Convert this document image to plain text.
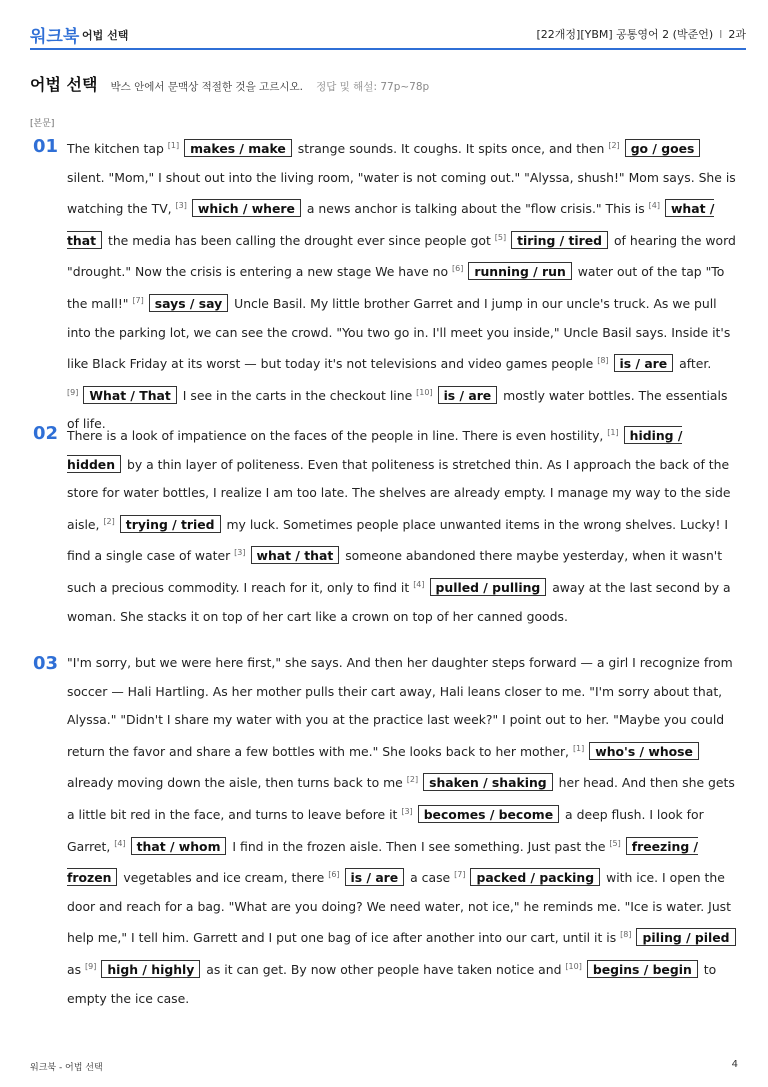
워크북 어법 선택	[22개정][YBM] 공통영어 2 (박준언) I 2과
어법 선택 박스 안에서 문맥상 적절한 것을 고르시오. 정답 및 해설: 77p~78p
[본문]
01 The kitchen tap [1] makes / make strange sounds. It coughs. It spits once, and then [2] go / goes silent. "Mom," I shout out into the living room, "water is not coming out." "Alyssa, shush!" Mom says. She is watching the TV, [3] which / where a news anchor is talking about the "flow crisis." This is [4] what / that the media has been calling the drought ever since people got [5] tiring / tired of hearing the word "drought." Now the crisis is entering a new stage We have no [6] running / run water out of the tap "To the mall!" [7] says / say Uncle Basil. My little brother Garret and I jump in our uncle's truck. As we pull into the parking lot, we can see the crowd. "You two go in. I'll meet you inside," Uncle Basil says. Inside it's like Black Friday at its worst — but today it's not televisions and video games people [8] is / are after. [9] What / That I see in the carts in the checkout line [10] is / are mostly water bottles. The essentials of life.
02 There is a look of impatience on the faces of the people in line. There is even hostility, [1] hiding / hidden by a thin layer of politeness. Even that politeness is stretched thin. As I approach the back of the store for water bottles, I realize I am too late. The shelves are already empty. I manage my way to the side aisle, [2] trying / tried my luck. Sometimes people place unwanted items in the wrong shelves. Lucky! I find a single case of water [3] what / that someone abandoned there maybe yesterday, when it wasn't such a precious commodity. I reach for it, only to find it [4] pulled / pulling away at the last second by a woman. She stacks it on top of her cart like a crown on top of her canned goods.
03 "I'm sorry, but we were here first," she says. And then her daughter steps forward — a girl I recognize from soccer — Hali Hartling. As her mother pulls their cart away, Hali leans closer to me. "I'm sorry about that, Alyssa." "Didn't I share my water with you at the practice last week?" I point out to her. "Maybe you could return the favor and share a few bottles with me." She looks back to her mother, [1] who's / whose already moving down the aisle, then turns back to me [2] shaken / shaking her head. And then she gets a little bit red in the face, and turns to leave before it [3] becomes / become a deep flush. I look for Garret, [4] that / whom I find in the frozen aisle. Then I see something. Just past the [5] freezing / frozen vegetables and ice cream, there [6] is / are a case [7] packed / packing with ice. I open the door and reach for a bag. "What are you doing? We need water, not ice," he reminds me. "Ice is water. Just help me," I tell him. Garrett and I put one bag of ice after another into our cart, until it is [8] piling / piled as [9] high / highly as it can get. By now other people have taken notice and [10] begins / begin to empty the ice case.
워크북 - 어법 선택	4
